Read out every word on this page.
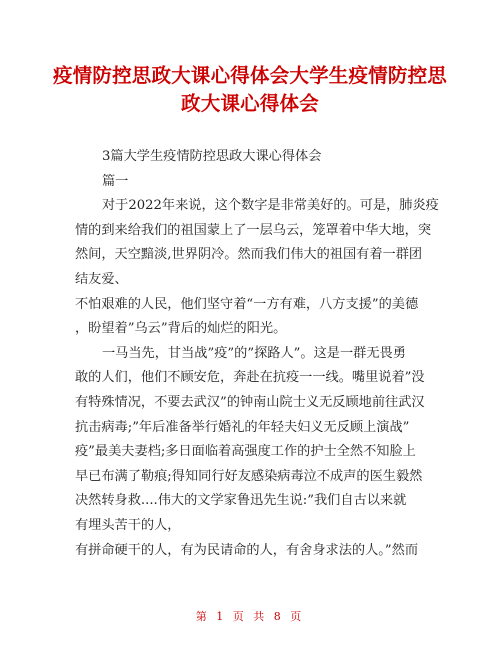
疫情防控思政大课心得体会大学生疫情防控思
政大课心得体会

3篇大学生疫情防控思政大课心得体会

篇一

对于2022年来说，这个数字是非常美好的。可是，肺炎疫

情的到来给我们的祖国蒙上了一层乌云，笼罩着中华大地，突

然间，天空黯淡,世界阴冷。然而我们伟大的祖国有着一群团

结友爱、

不怕艰难的人民，他们坚守着“一方有难，八方支援”的美德

，盼望着”乌云”背后的灿烂的阳光。

一马当先，甘当战”疫”的”探路人”。这是一群无畏勇

敢的人们，他们不顾安危，奔赴在抗疫一一线。嘴里说着”没

有特殊情况，不要去武汉”的钟南山院士义无反顾地前往武汉

抗击病毒;”年后准备举行婚礼的年轻夫妇义无反顾上演战”

疫”最美夫妻档;多日面临着高强度工作的护士全然不知脸上

早已布满了勒痕;得知同行好友感染病毒泣不成声的医生毅然

决然转身救....伟大的文学家鲁迅先生说:”我们自古以来就

有埋头苦干的人，

有拼命硬干的人，有为民请命的人，有舍身求法的人。”然而

第 1 页 共 8 页
